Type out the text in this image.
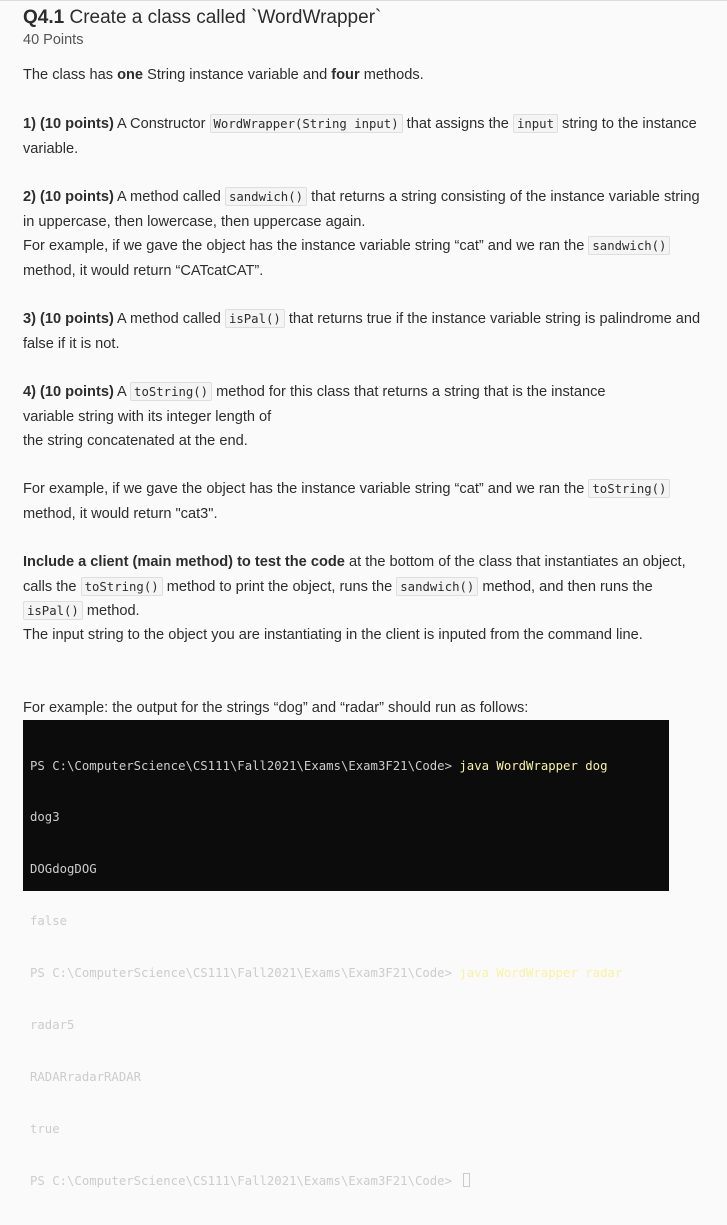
Q4.1 Create a class called `WordWrapper`
40 Points
The class has one String instance variable and four methods.
1) (10 points) A Constructor WordWrapper(String input) that assigns the input string to the instance variable.
2) (10 points) A method called sandwich() that returns a string consisting of the instance variable string in uppercase, then lowercase, then uppercase again.
For example, if we gave the object has the instance variable string “cat” and we ran the sandwich() method, it would return “CATcatCAT”.
3) (10 points) A method called isPal() that returns true if the instance variable string is palindrome and false if it is not.
4) (10 points) A toString() method for this class that returns a string that is the instance
variable string with its integer length of
the string concatenated at the end.
For example, if we gave the object has the instance variable string “cat” and we ran the toString() method, it would return "cat3".
Include a client (main method) to test the code at the bottom of the class that instantiates an object, calls the toString() method to print the object, runs the sandwich() method, and then runs the isPal() method.
The input string to the object you are instantiating in the client is inputed from the command line.
For example: the output for the strings “dog” and “radar” should run as follows:

PS C:\ComputerScience\CS111\Fall2021\Exams\Exam3F21\Code> java WordWrapper dog

dog3

DOGdogDOG

false

PS C:\ComputerScience\CS111\Fall2021\Exams\Exam3F21\Code> java WordWrapper radar

radar5

RADARradarRADAR

true

PS C:\ComputerScience\CS111\Fall2021\Exams\Exam3F21\Code>
